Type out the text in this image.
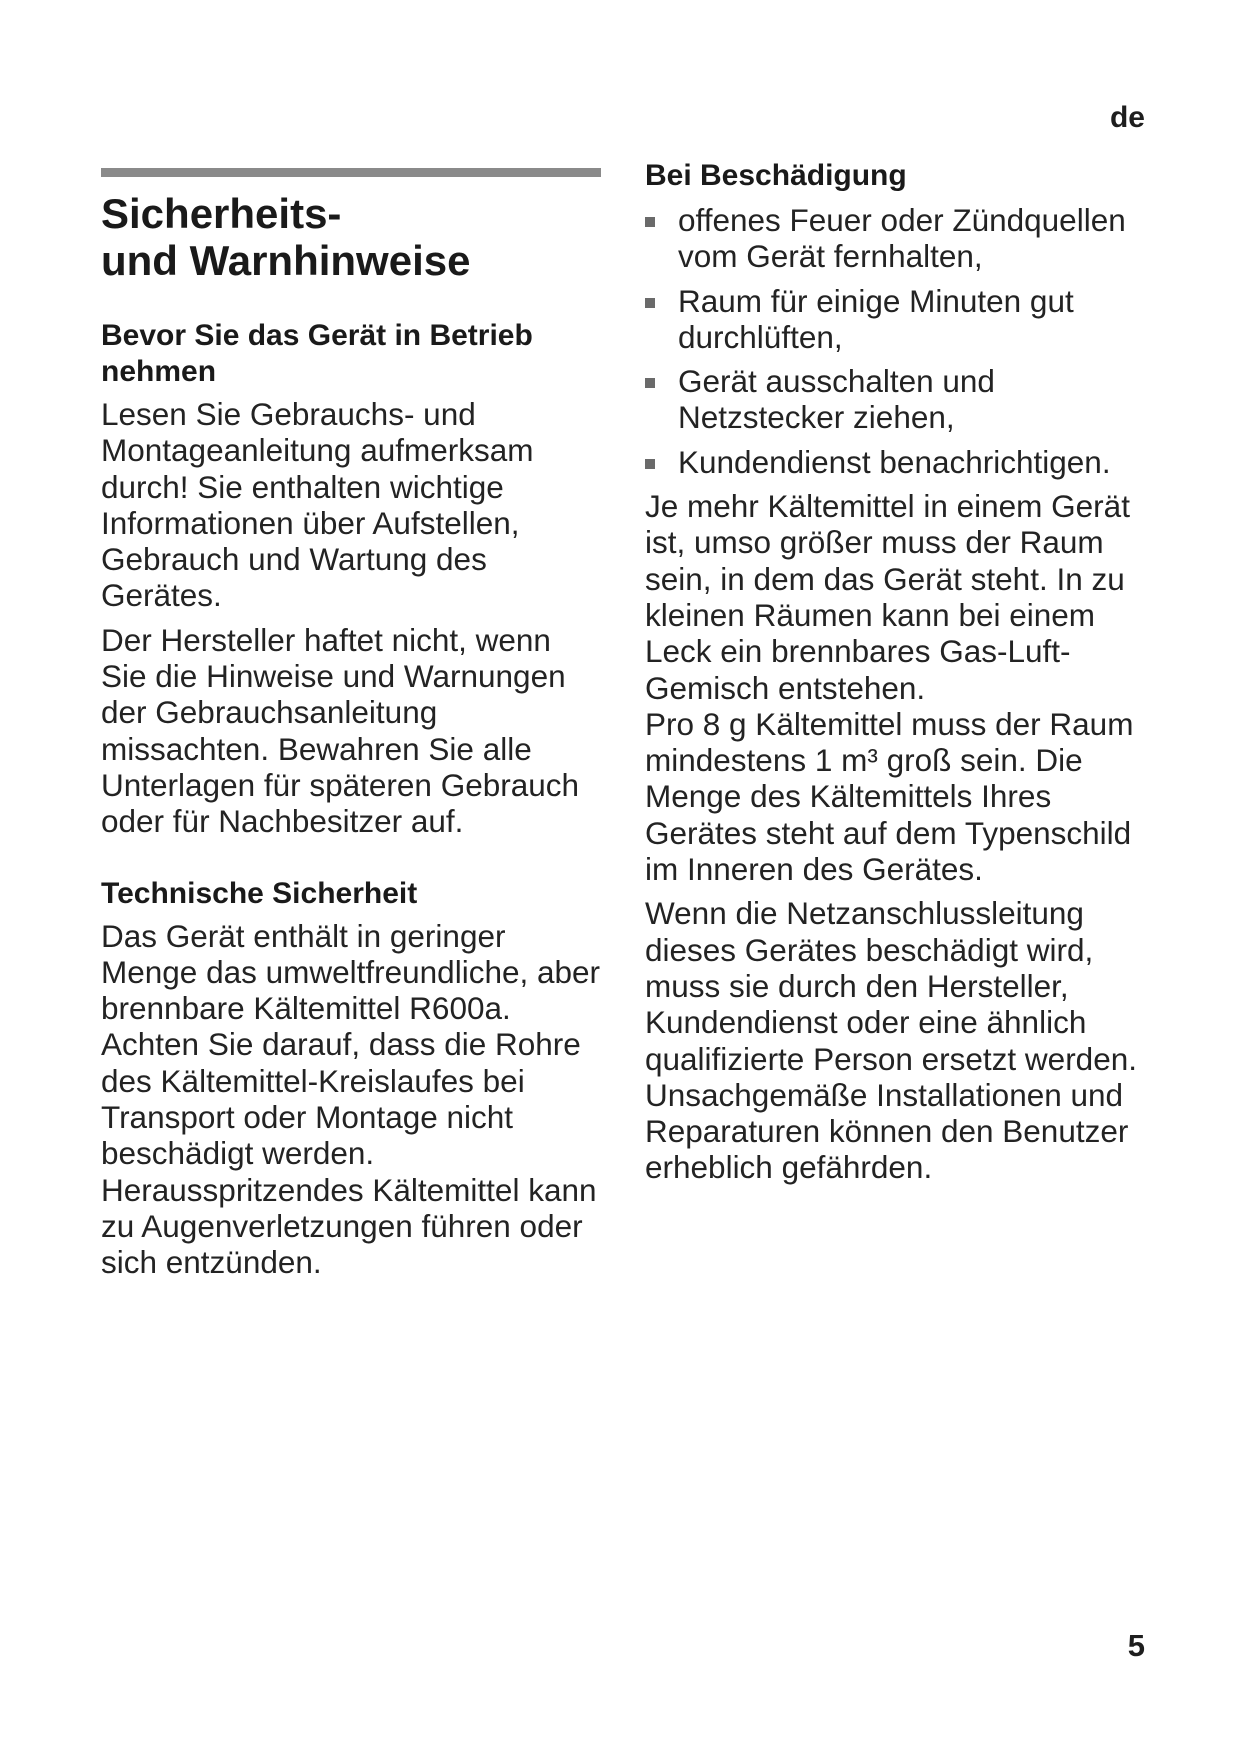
de
Sicherheits-
und Warnhinweise
Bevor Sie das Gerät in Betrieb nehmen

Lesen Sie Gebrauchs- und Montageanleitung aufmerksam durch! Sie enthalten wichtige Informationen über Aufstellen, Gebrauch und Wartung des Gerätes.

Der Hersteller haftet nicht, wenn Sie die Hinweise und Warnungen der Gebrauchsanleitung missachten. Bewahren Sie alle Unterlagen für späteren Gebrauch oder für Nachbesitzer auf.

Technische Sicherheit

Das Gerät enthält in geringer Menge das umweltfreundliche, aber brennbare Kältemittel R600a. Achten Sie darauf, dass die Rohre des Kältemittel-Kreislaufes bei Transport oder Montage nicht beschädigt werden. Herausspritzendes Kältemittel kann zu Augenverletzungen führen oder sich entzünden.

Bei Beschädigung
offenes Feuer oder Zündquellen vom Gerät fernhalten,
Raum für einige Minuten gut durchlüften,
Gerät ausschalten und Netzstecker ziehen,
Kundendienst benachrichtigen.

Je mehr Kältemittel in einem Gerät ist, umso größer muss der Raum sein, in dem das Gerät steht. In zu kleinen Räumen kann bei einem Leck ein brennbares Gas-Luft-Gemisch entstehen.

Pro 8 g Kältemittel muss der Raum mindestens 1 m³ groß sein. Die Menge des Kältemittels Ihres Gerätes steht auf dem Typenschild im Inneren des Gerätes.

Wenn die Netzanschlussleitung dieses Gerätes beschädigt wird, muss sie durch den Hersteller, Kundendienst oder eine ähnlich qualifizierte Person ersetzt werden. Unsachgemäße Installationen und Reparaturen können den Benutzer erheblich gefährden.

5
